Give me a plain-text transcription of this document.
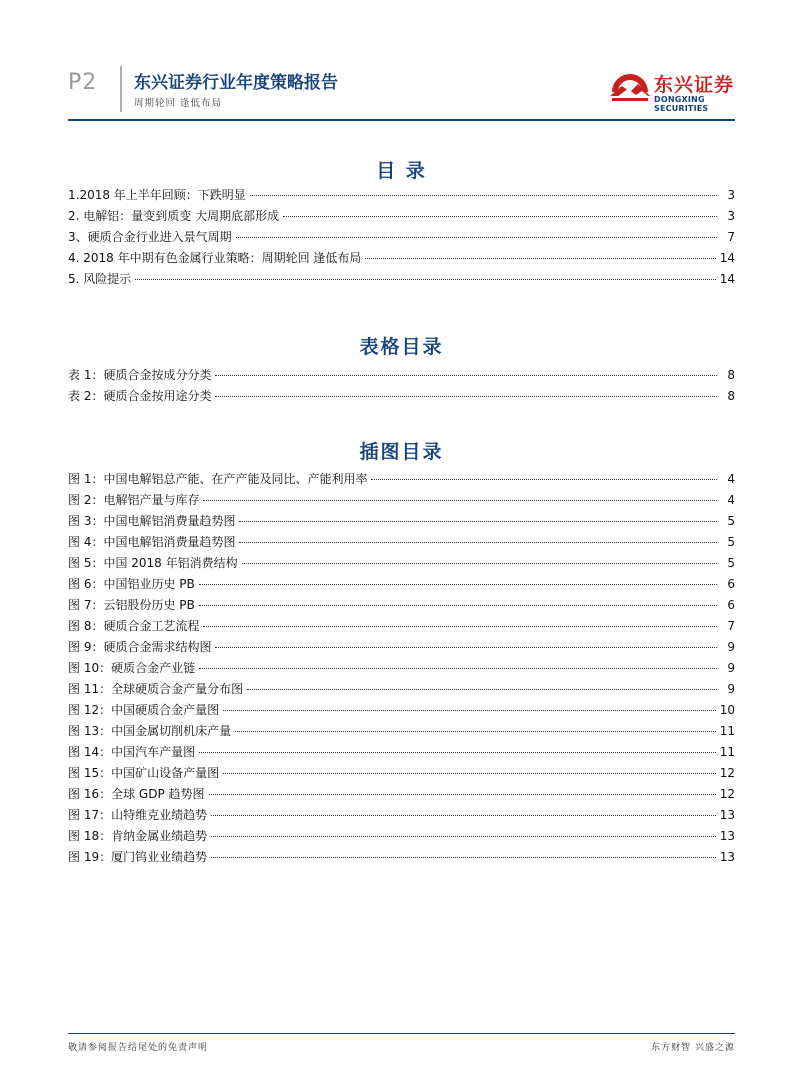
P2 东兴证券行业年度策略报告
周期轮回 逢低布局
东兴证券
DONGXING SECURITIES
目 录
1.2018 年上半年回顾：下跌明显	3
2. 电解铝：量变到质变 大周期底部形成	3
3、硬质合金行业进入景气周期	7
4. 2018 年中期有色金属行业策略：周期轮回 逢低布局	14
5. 风险提示	14
表格目录
表 1：硬质合金按成分分类	8
表 2：硬质合金按用途分类	8
插图目录
图 1：中国电解铝总产能、在产产能及同比、产能利用率	4
图 2：电解铝产量与库存	4
图 3：中国电解铝消费量趋势图	5
图 4：中国电解铝消费量趋势图	5
图 5：中国 2018 年铝消费结构	5
图 6：中国铝业历史 PB	6
图 7：云铝股份历史 PB	6
图 8：硬质合金工艺流程	7
图 9：硬质合金需求结构图	9
图 10：硬质合金产业链	9
图 11：全球硬质合金产量分布图	9
图 12：中国硬质合金产量图	10
图 13：中国金属切削机床产量	11
图 14：中国汽车产量图	11
图 15：中国矿山设备产量图	12
图 16：全球 GDP 趋势图	12
图 17：山特维克业绩趋势	13
图 18：肯纳金属业绩趋势	13
图 19：厦门钨业业绩趋势	13
敬请参阅报告结尾处的免责声明	东方财智 兴盛之源
